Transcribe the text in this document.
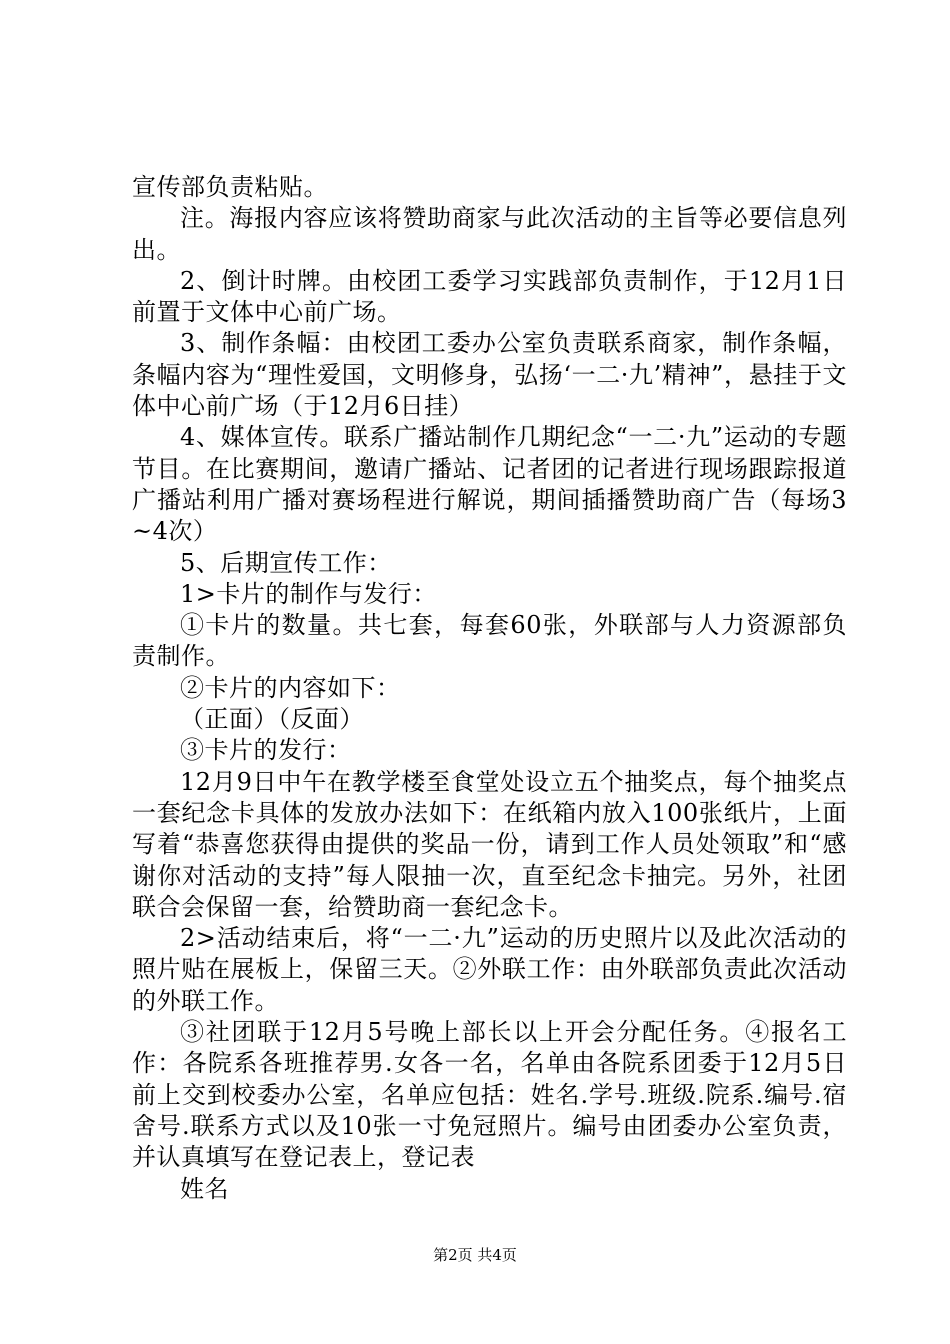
宣传部负责粘贴。

注。海报内容应该将赞助商家与此次活动的主旨等必要信息列出。

2、倒计时牌。由校团工委学习实践部负责制作，于12月1日前置于文体中心前广场。

3、制作条幅：由校团工委办公室负责联系商家，制作条幅，条幅内容为“理性爱国，文明修身，弘扬‘一二·九’精神”，悬挂于文体中心前广场（于12月6日挂）

4、媒体宣传。联系广播站制作几期纪念“一二·九”运动的专题节目。在比赛期间，邀请广播站、记者团的记者进行现场跟踪报道广播站利用广播对赛场程进行解说，期间插播赞助商广告（每场3~4次）

5、后期宣传工作：

1>卡片的制作与发行：

①卡片的数量。共七套，每套60张，外联部与人力资源部负责制作。

②卡片的内容如下：

（正面）（反面）

③卡片的发行：

12月9日中午在教学楼至食堂处设立五个抽奖点，每个抽奖点一套纪念卡具体的发放办法如下：在纸箱内放入100张纸片，上面写着“恭喜您获得由提供的奖品一份，请到工作人员处领取”和“感谢你对活动的支持”每人限抽一次，直至纪念卡抽完。另外，社团联合会保留一套，给赞助商一套纪念卡。

2>活动结束后，将“一二·九”运动的历史照片以及此次活动的照片贴在展板上，保留三天。②外联工作：由外联部负责此次活动的外联工作。

③社团联于12月5号晚上部长以上开会分配任务。④报名工作：各院系各班推荐男.女各一名，名单由各院系团委于12月5日前上交到校委办公室，名单应包括：姓名.学号.班级.院系.编号.宿舍号.联系方式以及10张一寸免冠照片。编号由团委办公室负责，并认真填写在登记表上，登记表

姓名

第2页 共4页
